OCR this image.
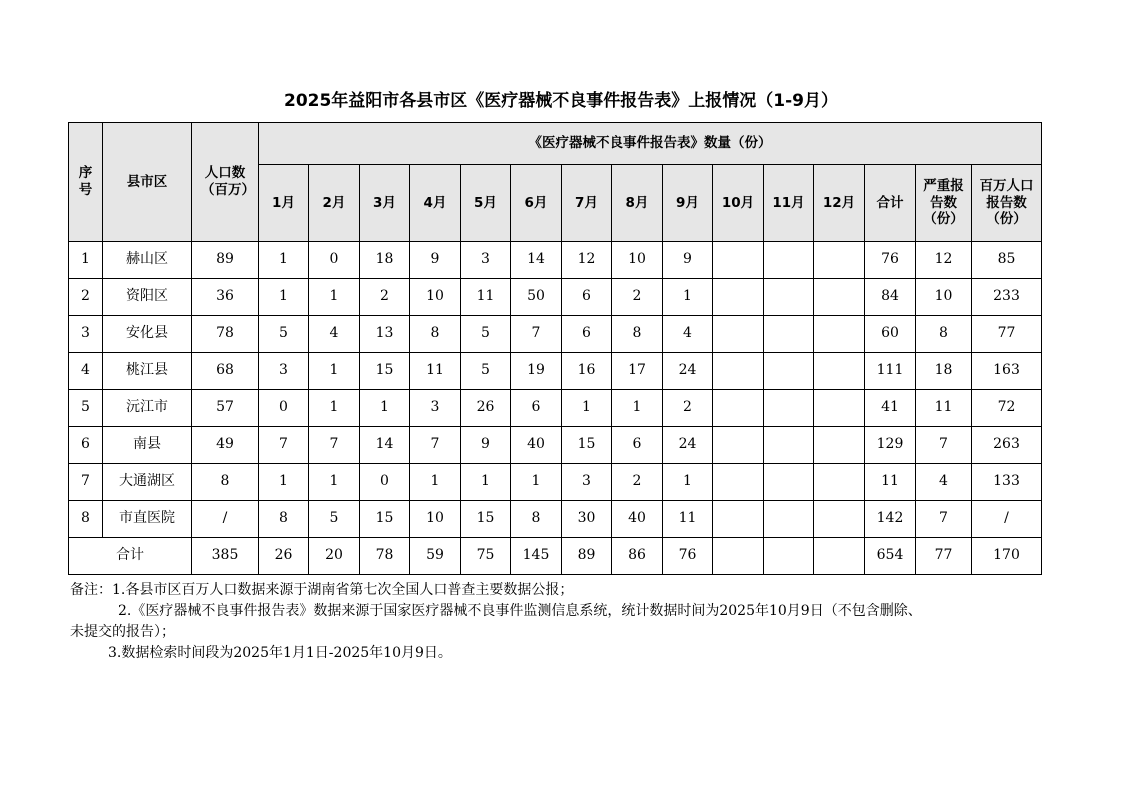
2025年益阳市各县市区《医疗器械不良事件报告表》上报情况（1-9月）
序号	县市区	人口数（百万）	《医疗器械不良事件报告表》数量（份）														
			1月	2月	3月	4月	5月	6月	7月	8月	9月	10月	11月	12月	合计	严重报告数（份）	百万人口报告数（份）
1	赫山区	89	1	0	18	9	3	14	12	10	9				76	12	85
2	资阳区	36	1	1	2	10	11	50	6	2	1				84	10	233
3	安化县	78	5	4	13	8	5	7	6	8	4				60	8	77
4	桃江县	68	3	1	15	11	5	19	16	17	24				111	18	163
5	沅江市	57	0	1	1	3	26	6	1	1	2				41	11	72
6	南县	49	7	7	14	7	9	40	15	6	24				129	7	263
7	大通湖区	8	1	1	0	1	1	1	3	2	1				11	4	133
8	市直医院	/	8	5	15	10	15	8	30	40	11				142	7	/
合计		385	26	20	78	59	75	145	89	86	76				654	77	170
备注：1.各县市区百万人口数据来源于湖南省第七次全国人口普查主要数据公报；
2.《医疗器械不良事件报告表》数据来源于国家医疗器械不良事件监测信息系统，统计数据时间为2025年10月9日（不包含删除、
未提交的报告）；
3.数据检索时间段为2025年1月1日-2025年10月9日。
